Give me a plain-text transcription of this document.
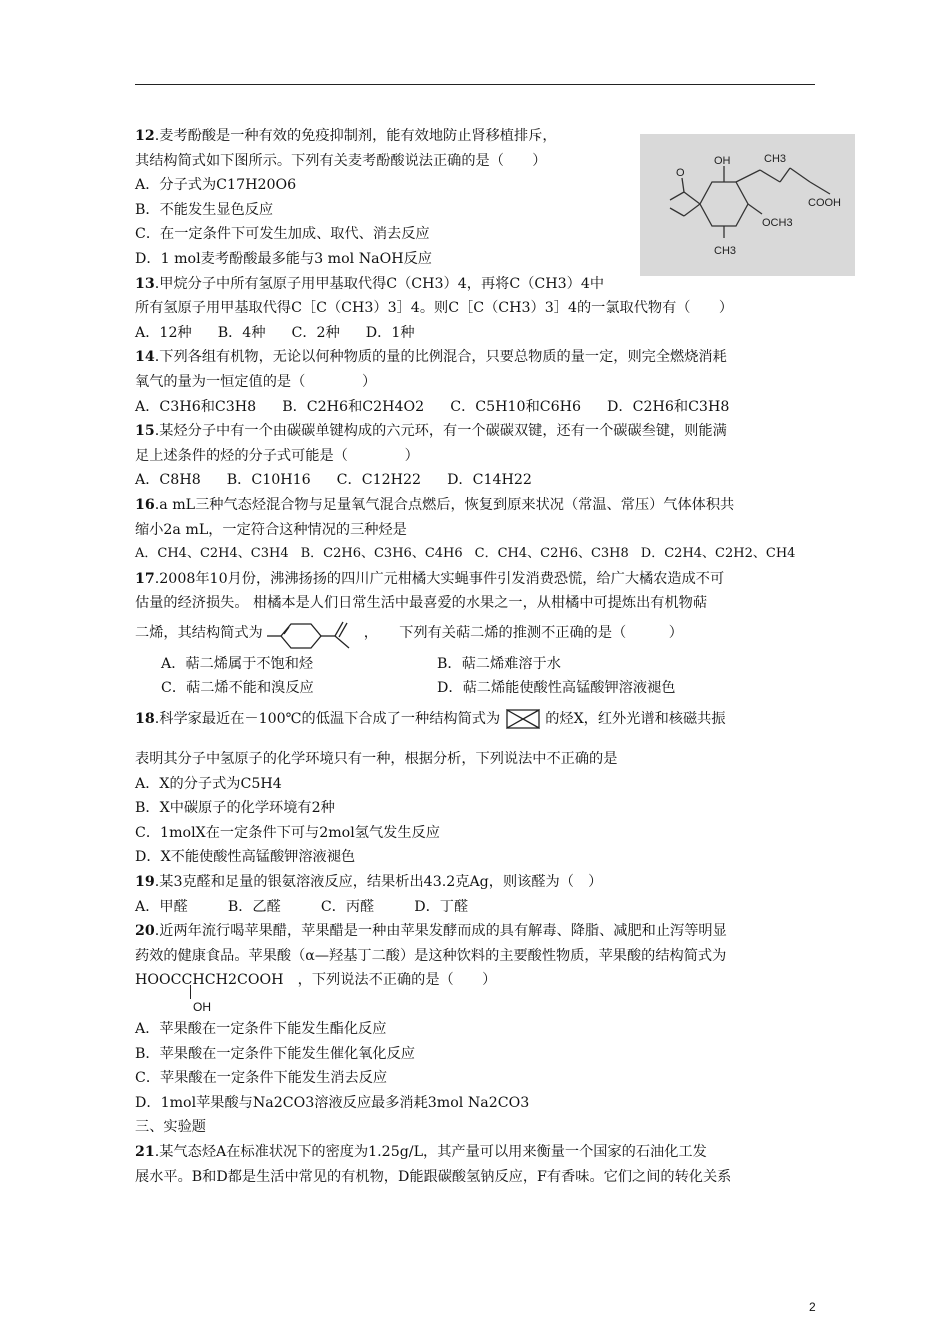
OH	CH3
COOH
OCH3
CH3
O
12.麦考酚酸是一种有效的免疫抑制剂，能有效地防止肾移植排斥，
其结构简式如下图所示。下列有关麦考酚酸说法正确的是（　　）
A．分子式为C17H20O6
B．不能发生显色反应
C．在一定条件下可发生加成、取代、消去反应
D．1 mol麦考酚酸最多能与3 mol NaOH反应
13.甲烷分子中所有氢原子用甲基取代得C（CH3）4，再将C（CH3）4中
所有氢原子用甲基取代得C［C（CH3）3］4。则C［C（CH3）3］4的一氯取代物有（　　）
A．12种 B．4种 C．2种 D．1种
14.下列各组有机物，无论以何种物质的量的比例混合，只要总物质的量一定，则完全燃烧消耗
氧气的量为一恒定值的是（　　　　）
A．C3H6和C3H8 B．C2H6和C2H4O2 C．C5H10和C6H6 D．C2H6和C3H8
15.某烃分子中有一个由碳碳单键构成的六元环，有一个碳碳双键，还有一个碳碳叁键，则能满
足上述条件的烃的分子式可能是（　　　　）
A．C8H8 B．C10H16 C．C12H22 D．C14H22
16.a mL三种气态烃混合物与足量氧气混合点燃后，恢复到原来状况（常温、常压）气体体积共
缩小2a mL，一定符合这种情况的三种烃是
A．CH4、C2H4、C3H4 B．C2H6、C3H6、C4H6 C．CH4、C2H6、C3H8 D．C2H4、C2H2、CH4
17.2008年10月份，沸沸扬扬的四川广元柑橘大实蝇事件引发消费恐慌，给广大橘农造成不可
估量的经济损失。 柑橘本是人们日常生活中最喜爱的水果之一，从柑橘中可提炼出有机物萜
二烯，其结构简式为	，　　下列有关萜二烯的推测不正确的是（　　　）
A．萜二烯属于不饱和烃	B．萜二烯难溶于水
C．萜二烯不能和溴反应	D．萜二烯能使酸性高锰酸钾溶液褪色
18.科学家最近在－100℃的低温下合成了一种结构简式为	的烃X，红外光谱和核磁共振
表明其分子中氢原子的化学环境只有一种，根据分析，下列说法中不正确的是
A．X的分子式为C5H4
B．X中碳原子的化学环境有2种
C．1molX在一定条件下可与2mol氢气发生反应
D．X不能使酸性高锰酸钾溶液褪色
19.某3克醛和足量的银氨溶液反应，结果析出43.2克Ag，则该醛为（　）
A．甲醛	B．乙醛	C．丙醛	D．丁醛
20.近两年流行喝苹果醋，苹果醋是一种由苹果发酵而成的具有解毒、降脂、减肥和止泻等明显
药效的健康食品。苹果酸（α—羟基丁二酸）是这种饮料的主要酸性物质，苹果酸的结构简式为
HOOCCHCH2COOH　，下列说法不正确的是（　　）
OH
A．苹果酸在一定条件下能发生酯化反应
B．苹果酸在一定条件下能发生催化氧化反应
C．苹果酸在一定条件下能发生消去反应
D．1mol苹果酸与Na2CO3溶液反应最多消耗3mol Na2CO3
三、实验题
21.某气态烃A在标准状况下的密度为1.25g/L，其产量可以用来衡量一个国家的石油化工发
展水平。B和D都是生活中常见的有机物，D能跟碳酸氢钠反应，F有香味。它们之间的转化关系
2
